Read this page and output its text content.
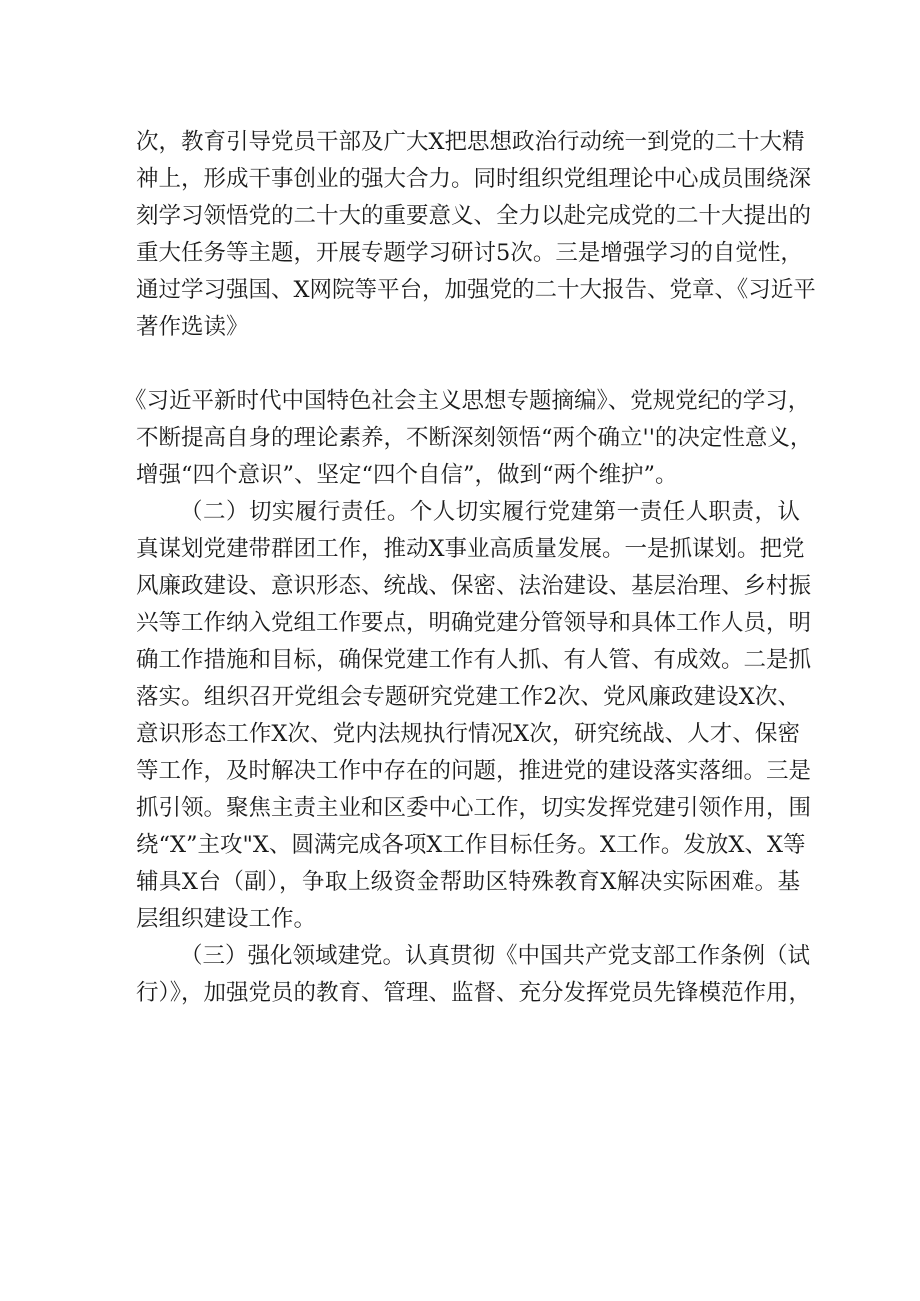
次，教育引导党员干部及广大X把思想政治行动统一到党的二十大精
神上，形成干事创业的强大合力。同时组织党组理论中心成员围绕深
刻学习领悟党的二十大的重要意义、全力以赴完成党的二十大提出的
重大任务等主题，开展专题学习研讨5次。三是增强学习的自觉性，
通过学习强国、X网院等平台，加强党的二十大报告、党章、《习近平
著作选读》
《习近平新时代中国特色社会主义思想专题摘编》、党规党纪的学习，
不断提高自身的理论素养，不断深刻领悟“两个确立''的决定性意义，
增强“四个意识”、坚定“四个自信”，做到“两个维护”。
（二）切实履行责任。个人切实履行党建第一责任人职责，认
真谋划党建带群团工作，推动X事业高质量发展。一是抓谋划。把党
风廉政建设、意识形态、统战、保密、法治建设、基层治理、乡村振
兴等工作纳入党组工作要点，明确党建分管领导和具体工作人员，明
确工作措施和目标，确保党建工作有人抓、有人管、有成效。二是抓
落实。组织召开党组会专题研究党建工作2次、党风廉政建设X次、
意识形态工作X次、党内法规执行情况X次，研究统战、人才、保密
等工作，及时解决工作中存在的问题，推进党的建设落实落细。三是
抓引领。聚焦主责主业和区委中心工作，切实发挥党建引领作用，围
绕“X”主攻"X、圆满完成各项X工作目标任务。X工作。发放X、X等
辅具X台（副），争取上级资金帮助区特殊教育X解决实际困难。基
层组织建设工作。
（三）强化领域建党。认真贯彻《中国共产党支部工作条例（试
行）》，加强党员的教育、管理、监督、充分发挥党员先锋模范作用，
